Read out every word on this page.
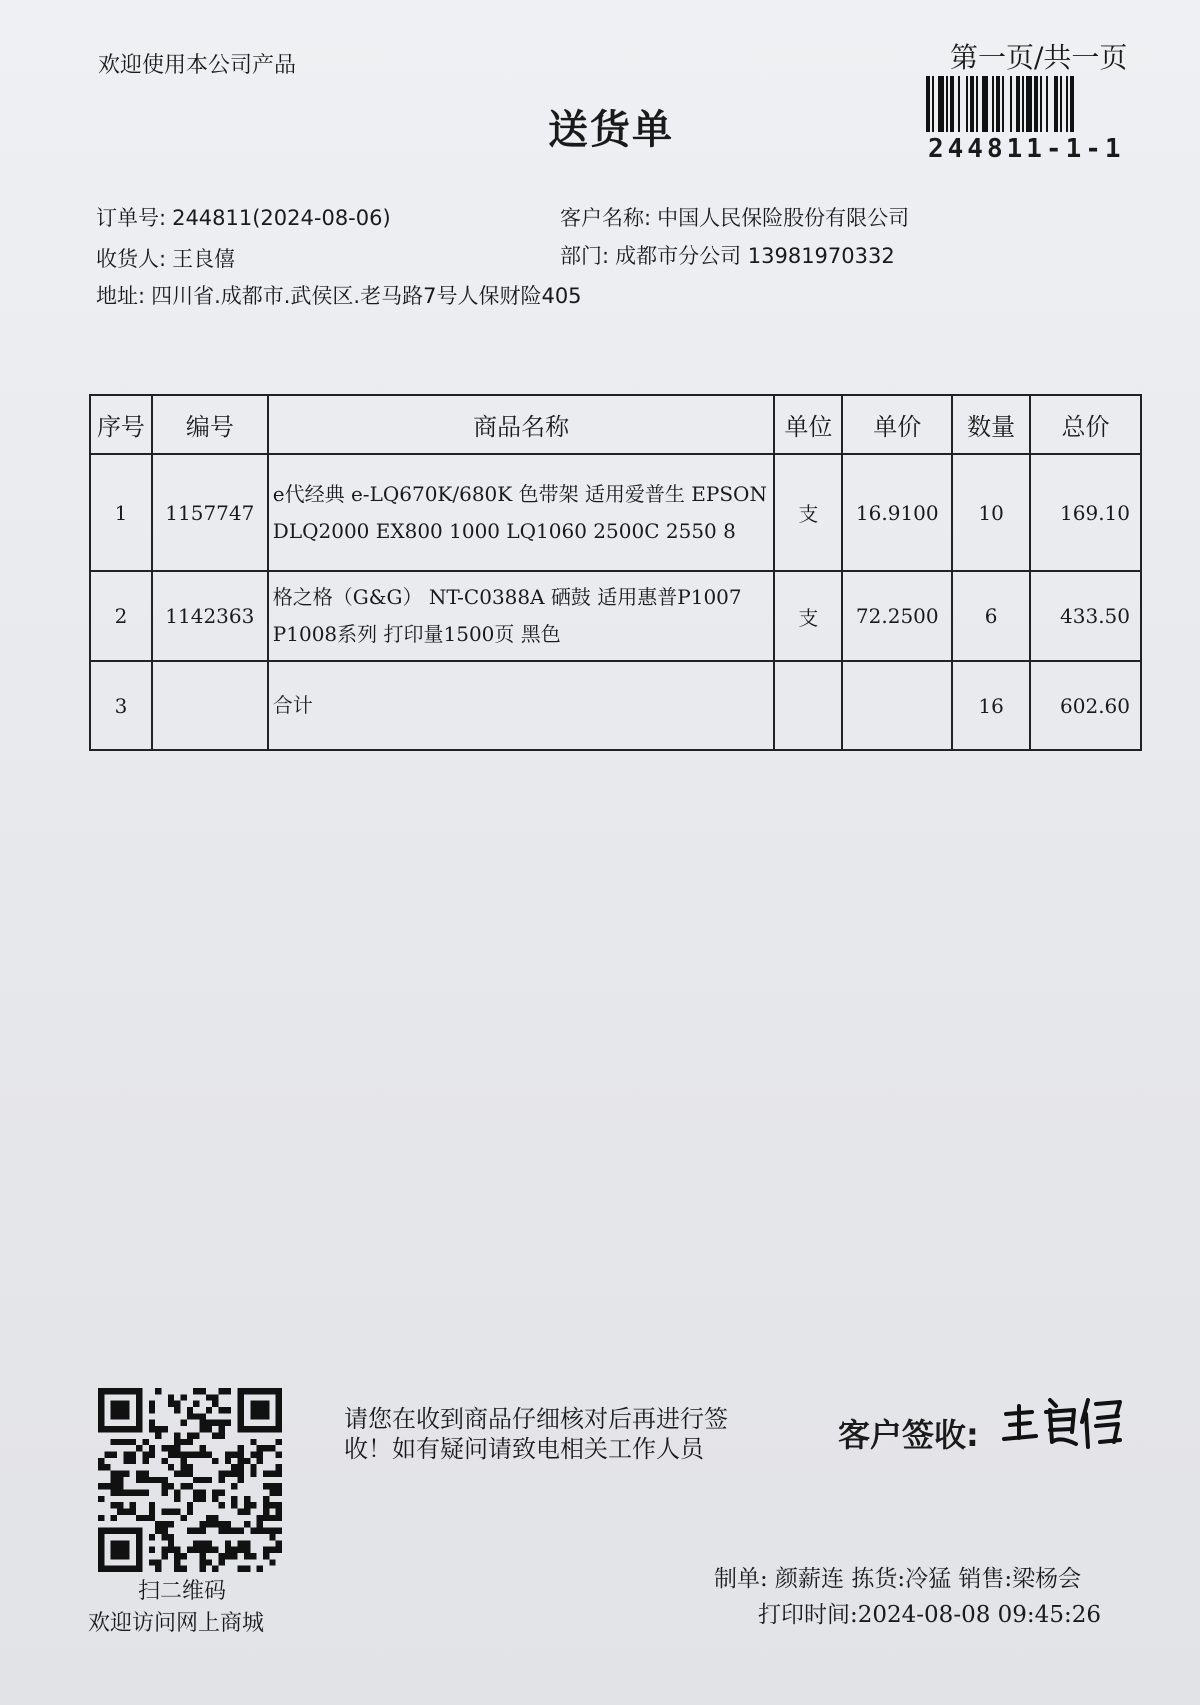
欢迎使用本公司产品	第一页/共一页
送货单	244811-1-1
订单号: 244811(2024-08-06)	客户名称: 中国人民保险股份有限公司
收货人: 王良僖	部门: 成都市分公司 13981970332
地址: 四川省.成都市.武侯区.老马路7号人保财险405
序号	编号	商品名称	单位	单价	数量	总价
1	1157747	e代经典 e-LQ670K/680K 色带架 适用爱普生 EPSON DLQ2000 EX800 1000 LQ1060 2500C 2550 8	支	16.9100	10	169.10
2	1142363	格之格（G&G） NT-C0388A 硒鼓 适用惠普P1007 P1008系列 打印量1500页 黑色	支	72.2500	6	433.50
3		合计			16	602.60
扫二维码
欢迎访问网上商城
请您在收到商品仔细核对后再进行签收！如有疑问请致电相关工作人员	客户签收:
制单: 颜薪连 拣货:冷猛 销售:梁杨会
打印时间:2024-08-08 09:45:26
